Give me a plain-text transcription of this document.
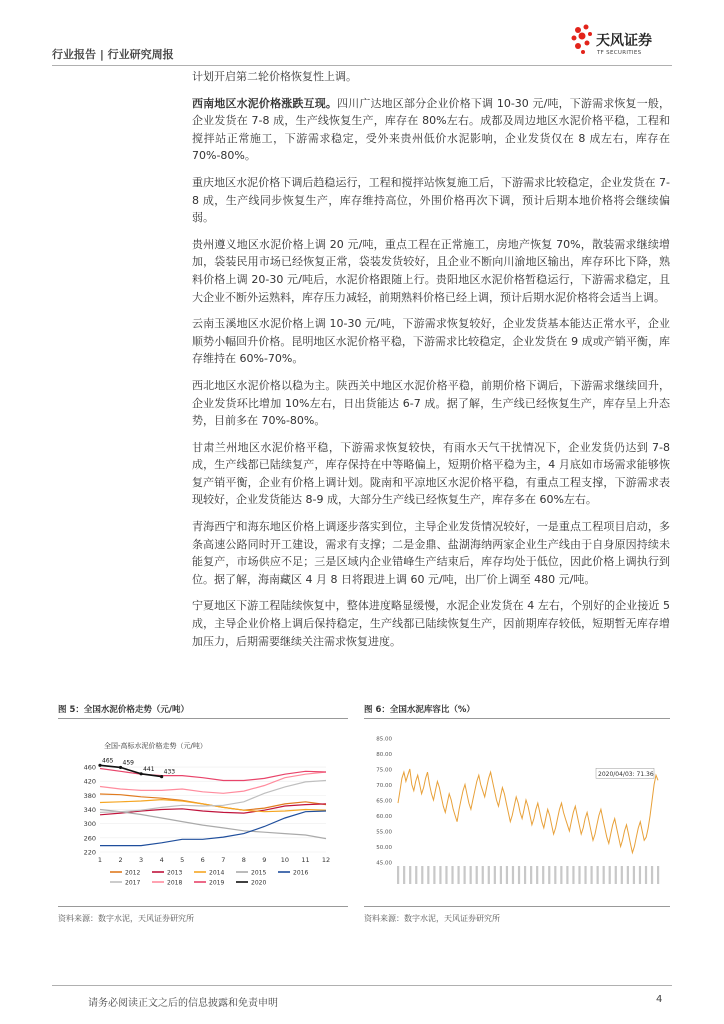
行业报告 | 行业研究周报
天风证券
TF SECURITIES

计划开启第二轮价格恢复性上调。

西南地区水泥价格涨跌互现。四川广达地区部分企业价格下调 10-30 元/吨，下游需求恢复一般，企业发货在 7-8 成，生产线恢复生产，库存在 80%左右。成都及周边地区水泥价格平稳，工程和搅拌站正常施工，下游需求稳定，受外来贵州低价水泥影响，企业发货仅在 8 成左右，库存在 70%-80%。

重庆地区水泥价格下调后趋稳运行，工程和搅拌站恢复施工后，下游需求比较稳定，企业发货在 7-8 成，生产线同步恢复生产，库存维持高位，外围价格再次下调，预计后期本地价格将会继续偏弱。

贵州遵义地区水泥价格上调 20 元/吨，重点工程在正常施工，房地产恢复 70%，散装需求继续增加，袋装民用市场已经恢复正常，袋装发货较好，且企业不断向川渝地区输出，库存环比下降，熟料价格上调 20-30 元/吨后，水泥价格跟随上行。贵阳地区水泥价格暂稳运行，下游需求稳定，且大企业不断外运熟料，库存压力减轻，前期熟料价格已经上调，预计后期水泥价格将会适当上调。

云南玉溪地区水泥价格上调 10-30 元/吨，下游需求恢复较好，企业发货基本能达正常水平，企业顺势小幅回升价格。昆明地区水泥价格平稳，下游需求比较稳定，企业发货在 9 成或产销平衡，库存维持在 60%-70%。

西北地区水泥价格以稳为主。陕西关中地区水泥价格平稳，前期价格下调后，下游需求继续回升，企业发货环比增加 10%左右，日出货能达 6-7 成。据了解，生产线已经恢复生产，库存呈上升态势，目前多在 70%-80%。

甘肃兰州地区水泥价格平稳，下游需求恢复较快，有雨水天气干扰情况下，企业发货仍达到 7-8 成，生产线都已陆续复产，库存保持在中等略偏上，短期价格平稳为主，4 月底如市场需求能够恢复产销平衡，企业有价格上调计划。陇南和平凉地区水泥价格平稳，有重点工程支撑，下游需求表现较好，企业发货能达 8-9 成，大部分生产线已经恢复生产，库存多在 60%左右。

青海西宁和海东地区价格上调逐步落实到位，主导企业发货情况较好，一是重点工程项目启动，多条高速公路同时开工建设，需求有支撑；二是金鼎、盐湖海纳两家企业生产线由于自身原因持续未能复产，市场供应不足；三是区域内企业错峰生产结束后，库存均处于低位，因此价格上调执行到位。据了解，海南藏区 4 月 8 日将跟进上调 60 元/吨，出厂价上调至 480 元/吨。

宁夏地区下游工程陆续恢复中，整体进度略显缓慢，水泥企业发货在 4 左右，个别好的企业接近 5 成，主导企业价格上调后保持稳定，生产线都已陆续恢复生产，因前期库存较低，短期暂无库存增加压力，后期需要继续关注需求恢复进度。

图 5：全国水泥价格走势（元/吨）
全国-高标水泥价格走势（元/吨）
220
260
300
340
380
420
460
1	2	3	4	5	6	7	8	9 10 11 12
465 459
441 433
2012	2013	2014	2015	2016
2017	2018	2019	2020
资料来源：数字水泥，天风证券研究所
图 6：全国水泥库容比（%）
45.00
50.00
55.00
60.00
65.00
70.00
75.00
80.00
85.00
2020/04/03: 71.36
资料来源：数字水泥，天风证券研究所
请务必阅读正文之后的信息披露和免责申明	4
